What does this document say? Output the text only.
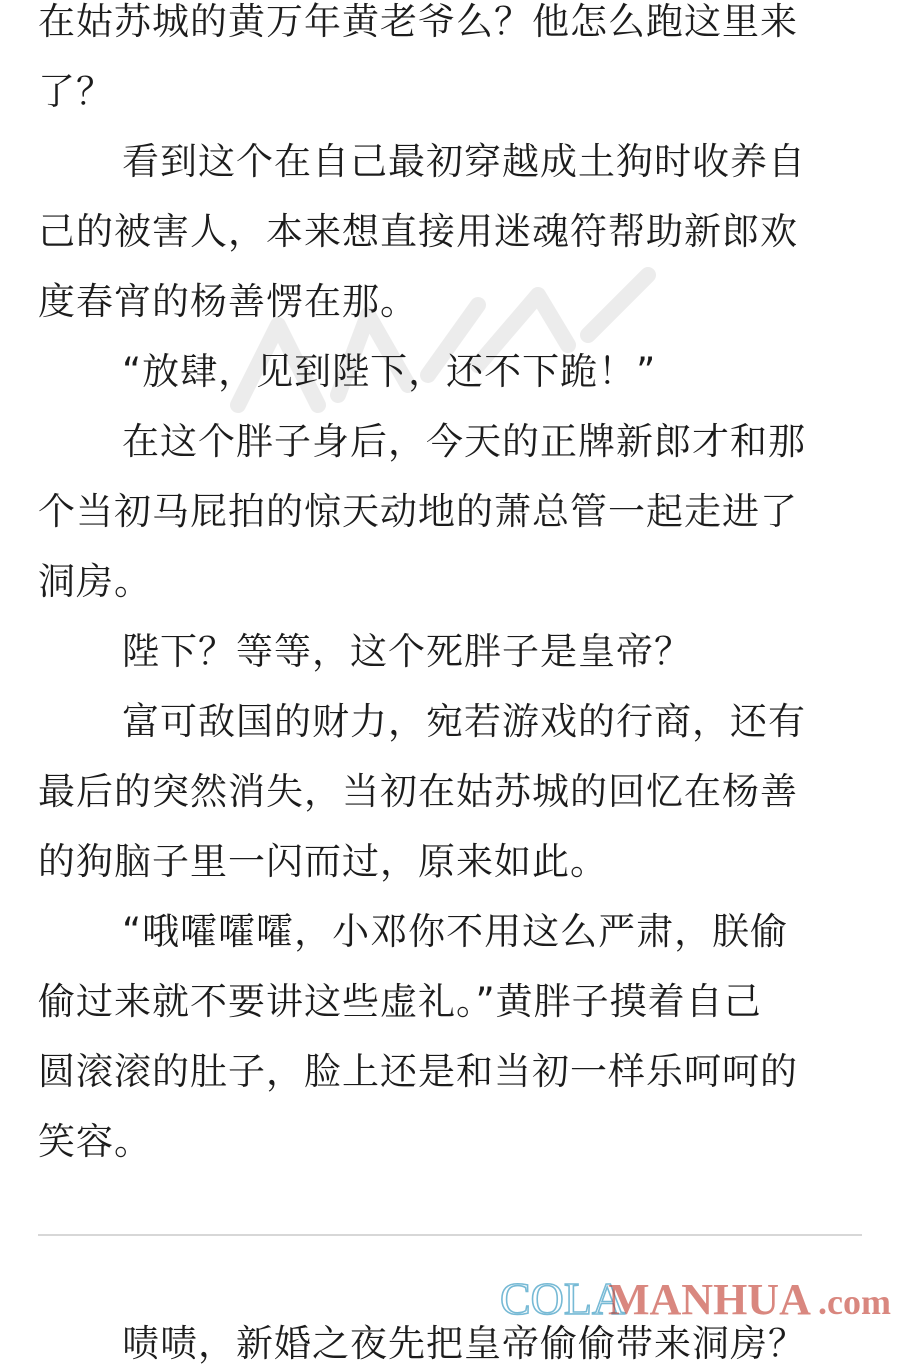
在姑苏城的黄万年黄老爷么？他怎么跑这里来
了？
看到这个在自己最初穿越成土狗时收养自
己的被害人，本来想直接用迷魂符帮助新郎欢
度春宵的杨善愣在那。
“放肆，见到陛下，还不下跪！”
在这个胖子身后，今天的正牌新郎才和那
个当初马屁拍的惊天动地的萧总管一起走进了
洞房。
陛下？等等，这个死胖子是皇帝？
富可敌国的财力，宛若游戏的行商，还有
最后的突然消失，当初在姑苏城的回忆在杨善
的狗脑子里一闪而过，原来如此。
“哦嚯嚯嚯，小邓你不用这么严肃，朕偷
偷过来就不要讲这些虚礼。”黄胖子摸着自己
圆滚滚的肚子，脸上还是和当初一样乐呵呵的
笑容。
啧啧，新婚之夜先把皇帝偷偷带来洞房？
COLA
MANHUA .com
